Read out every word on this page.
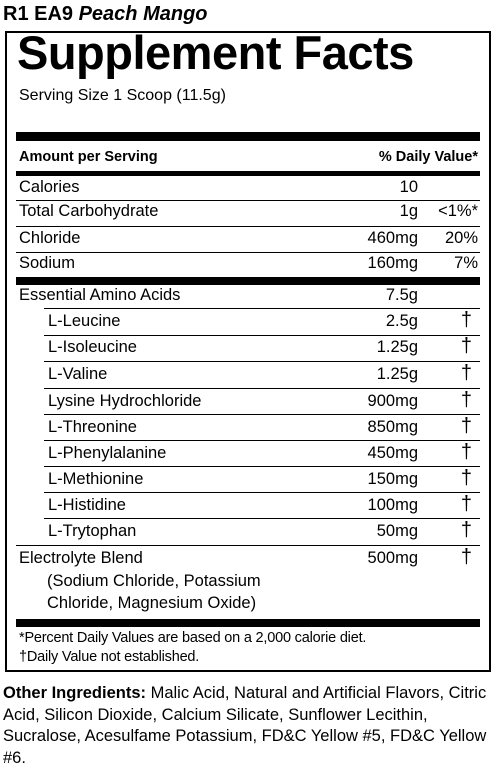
R1 EA9 Peach Mango
Supplement Facts
Serving Size 1 Scoop (11.5g)
Amount per Serving	% Daily Value*
Calories	10
Total Carbohydrate	1g <1%*
Chloride	460mg 20%
Sodium	160mg 7%
Essential Amino Acids	7.5g
L-Leucine	2.5g †
L-Isoleucine	1.25g †
L-Valine	1.25g †
Lysine Hydrochloride	900mg †
L-Threonine	850mg †
L-Phenylalanine	450mg †
L-Methionine	150mg †
L-Histidine	100mg †
L-Trytophan	50mg †
Electrolyte Blend	500mg †
(Sodium Chloride, Potassium
Chloride, Magnesium Oxide)
*Percent Daily Values are based on a 2,000 calorie diet.
†Daily Value not established.
Other Ingredients: Malic Acid, Natural and Artificial Flavors, Citric Acid, Silicon Dioxide, Calcium Silicate, Sunflower Lecithin, Sucralose, Acesulfame Potassium, FD&C Yellow #5, FD&C Yellow #6.
